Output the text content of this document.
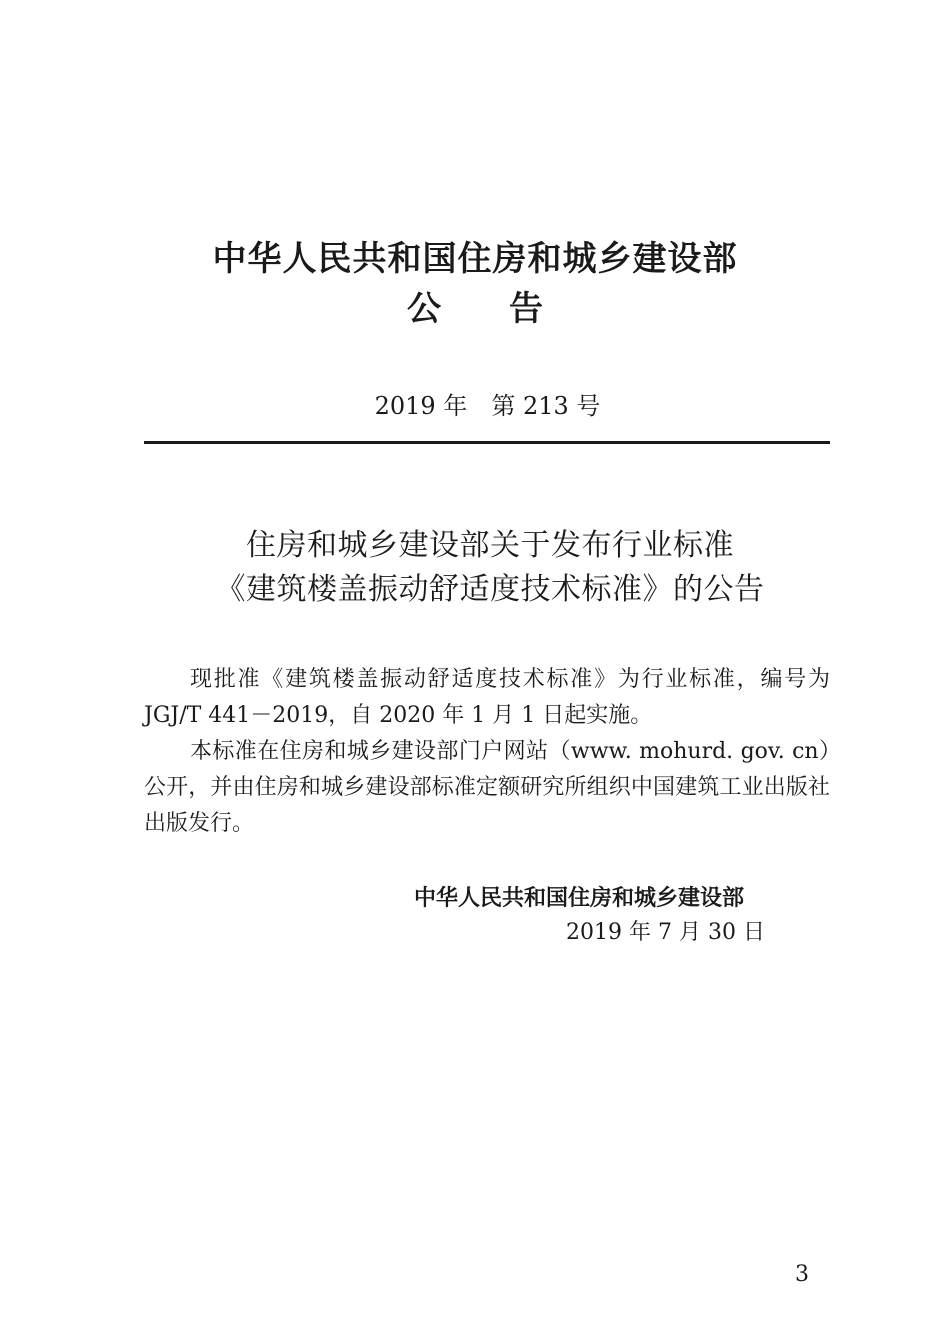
中华人民共和国住房和城乡建设部
公　　告
2019 年　第 213 号
住房和城乡建设部关于发布行业标准
《建筑楼盖振动舒适度技术标准》的公告
现批准《建筑楼盖振动舒适度技术标准》为行业标准，编号为 JGJ/T 441－2019，自 2020 年 1 月 1 日起实施。
本标准在住房和城乡建设部门户网站（www. mohurd. gov. cn）公开，并由住房和城乡建设部标准定额研究所组织中国建筑工业出版社出版发行。
中华人民共和国住房和城乡建设部
2019 年 7 月 30 日
3
